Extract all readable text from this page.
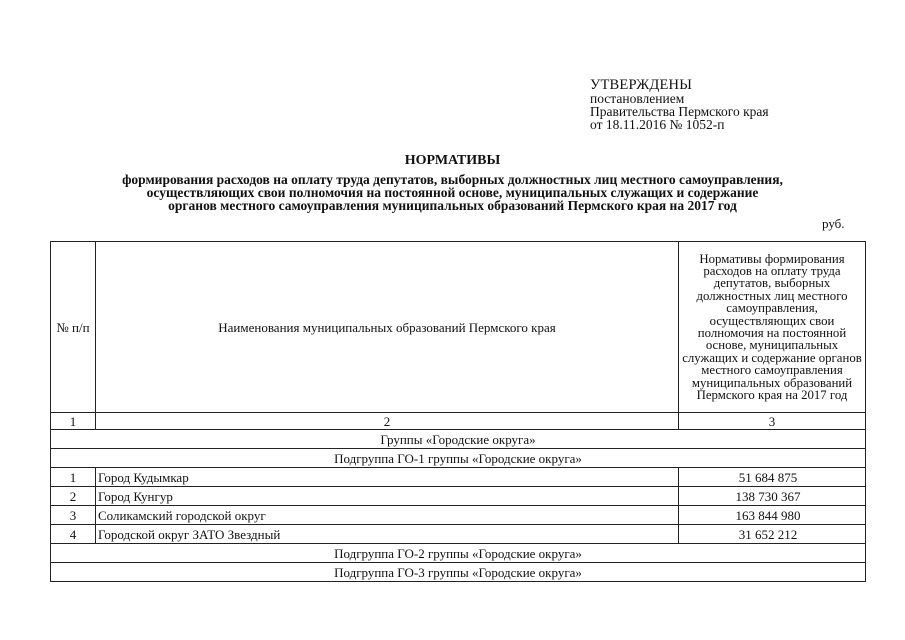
УТВЕРЖДЕНЫ
постановлением
Правительства Пермского края
от 18.11.2016 № 1052-п
НОРМАТИВЫ
формирования расходов на оплату труда депутатов, выборных должностных лиц местного самоуправления,
осуществляющих свои полномочия на постоянной основе, муниципальных служащих и содержание
органов местного самоуправления муниципальных образований Пермского края на 2017 год
руб.
№ п/п	Наименования муниципальных образований Пермского края	Нормативы формирования расходов на оплату труда депутатов, выборных должностных лиц местного самоуправления, осуществляющих свои полномочия на постоянной основе, муниципальных служащих и содержание органов местного самоуправления муниципальных образований Пермского края на 2017 год
1	2	3
Группы «Городские округа»		
Подгруппа ГО-1 группы «Городские округа»		
1	Город Кудымкар	51 684 875
2	Город Кунгур	138 730 367
3	Соликамский городской округ	163 844 980
4	Городской округ ЗАТО Звездный	31 652 212
Подгруппа ГО-2 группы «Городские округа»		
Подгруппа ГО-3 группы «Городские округа»		
